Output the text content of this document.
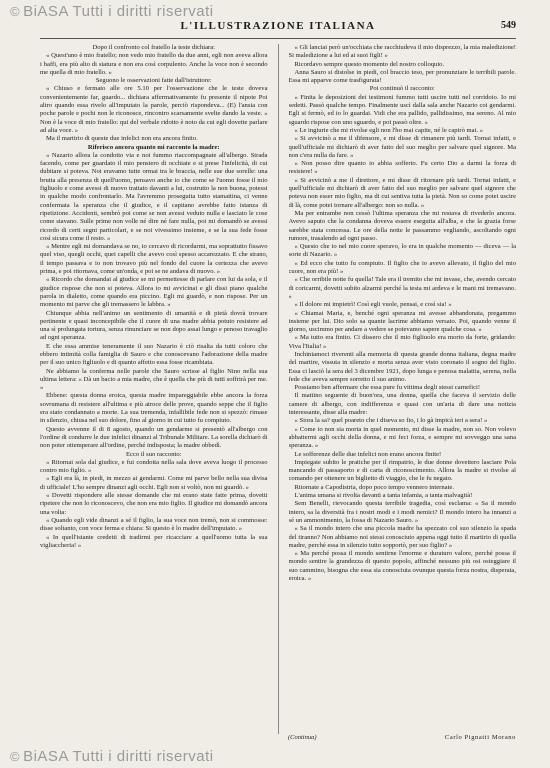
© BiASA Tutti i diritti riservati
L'ILLUSTRAZIONE ITALIANA	549

Dopo il confronto col fratello la teste dichiara:

« Quest'uno è mio fratello; non vedo mio fratello da due anni, egli non aveva allora i baffi, era più alto di statura e non era così corpulento. Anche la voce non è secondo me quella di mio fratello. »

Seguono le osservazioni fatte dall'istruttore:

« Chiuso e fermato alle ore 5.10 per l'osservazione che le teste doveva convenientemente far, guardo... dichiara affermativamente fu presente il nipote Poi altro quando essa rivelo all'imputato la parole, perciò rispondeva... (E) l'ansia con poche parole e pochi non le riconosce, rincontro scarsamente svelte dando la veste. » Non è la voce di mio fratello: qui del verbale ridotto è noto da cui egli dovette parlare ad alta voce. »

Ma il martirio di queste due infelici non era ancora finito.

Riferisco ancora quanto mi racconto la madre:

« Nazario allora la condotto via e noi fummo riaccompagnate all'albergo. Strada facendo, come per guardato il mio pensiero di occhiate e si prese l'infelicità, di cui dubitare si poteva. Noi eravamo tutte ormai tra le braccia, nelle sue due sorelle: una brutta alla presenza di quell'uomo, pensavo anche io che come se l'uomo fosse il mio figliuolo e come avessi di nuovo trattato davanti a lui, costrutto la non buona, potessi in qualche modo confrontarlo. Ma l'avremmo proseguita tutto stamattina, ci venne confermata la speranza che il giudice, e il capitano avrebbe fatto istanza di ripetizione. Accidenti, sembrò poi come se non avessi veduto nulla e lasciato le cose come stavano. Sulle prime non volle né dire né fare nulla, poi mi domandò se avessi ricordo di certi segni particolari, e se noi vivessimo insieme, e se la sua fede fosse così sicura come il resto. »

« Mentre egli mi domandava se no, io cercavo di ricordarmi, ma soprattutto fissavo quel viso, quegli occhi, quei capelli che avevo così spesso accarezzato. E che strano, il tempo passava e io non trovavo più nel fondo del cuore la certezza che avevo prima, e poi ritornava, come un'onda, e poi se ne andava di nuovo. »

« Ricordo che domandai al giudice se mi permettesse di parlare con lui da sola, e il giudice rispose che non si poteva. Allora io mi avvicinai e gli dissi piano qualche parola in dialetto, come quando era piccino. Egli mi guardò, e non rispose. Per un momento mi parve che gli tremassero le labbra. »

Chiunque abbia nell'animo un sentimento di umanità e di pietà dovrà trovare pertinente e quasi inconcepibile che il cuore di una madre abbia potuto resistere ad una sì prolungata tortura, senza rinunciare se non dopo assai lungo e penoso travaglio ad ogni speranza.

E che essa ammise teneramente il suo Nazario è ciò risalta da tutti coloro che ebbero intimità colla famiglia di Sauro e che conoscevano l'adorazione della madre per il suo unico figliuolo e di quanto affetto essa fosse ricambiata.

Ne abbiamo la conferma nelle parole che Sauro scrisse al figlio Nino nella sua ultima lettera: « Dà un bacio a mia madre, che è quella che più di tutti soffrirà per me. »

Ebbene: questa donna eroica, questa madre impareggiabile ebbe ancora la forza sovrumana di resistere all'ultima e più atroce delle prove, quando seppe che il figlio era stato condannato a morte. La sua tremenda, infallibile fede non si spezzò: rimase in silenzio, chiusa nel suo dolore, fino al giorno in cui tutto fu compiuto.

Questo avvenne il di 8 agosto, quando un gendarme si presentò all'albergo con l'ordine di condurre le due infelici dinanzi al Tribunale Militare. La sorella dichiarò di non poter ottemperare all'ordine, perché indisposta; la madre obbedì.

Ecco il suo racconto:

« Ritornai sola dal giudice, e fui condotta nella sala dove aveva luogo il processo contro mio figlio. »

« Egli era là, in piedi, in mezzo ai gendarmi. Come mi parve bello nella sua divisa di ufficiale! L'ho sempre dinanzi agli occhi. Egli non si voltò, non mi guardò. »

« Dovetti rispondere alle stesse domande che mi erano state fatte prima, dovetti ripetere che non lo riconoscevo, che non era mio figlio. Il giudice mi domandò ancora una volta:

« Quando egli vide dinanzi a sé il figlio, la sua voce non tremò, non si commosse: disse soltanto, con voce ferma e chiara: Si questo è lo madre dell'imputato. »

« In quell'istante credetti di tradirmi per ricacciare a quell'uomo tutta la sua vigliaccheria! »

« Gli lanciai però un'occhiata che racchiudeva il mio disprezzo, la mia maledizione! Si maledizione a lui ed ai suoi figli! »

Ricordavo sempre questo momento del nostro colloquio.

Anna Sauro si distolse in piedi, col braccio teso, per pronunziare le terribili parole. Essa mi apparve come trasfigurata!

Poi continuò il racconto:

« Finita le deposizioni dei testimoni fummo tutti uscire tutti nel corridoio. Io mi sedetti. Passò qualche tempo. Finalmente uscì dalla sala anche Nazario coi gendarmi. Egli si fermò, ed io lo guardai. Vidi che era pallido, pallidissimo, ma sereno. Al mio sguardo rispose con uno sguardo, e poi passò oltre. »

« Le ingiurie che mi rivolse egli non l'ho mai capite, né le capirò mai. »

« Si avvicinò a me il difensore, e mi disse di rimanere più tardi. Tornai infatti, e quell'ufficiale mi dichiarò di aver fatto del suo meglio per salvare quel signore. Ma non c'era nulla da fare. »

« Non posso dire quanto io abbia sofferto. Fu certo Dio a darmi la forza di resistere! »

« Si avvicinò a me il direttore, e mi disse di ritornare più tardi. Tornai infatti, e quell'ufficiale mi dichiarò di aver fatto del suo meglio per salvare quel signore che poteva non esser mio figlio, ma di cui sentiva tutta la pietà. Non so come potei uscire di là, come potei tornare all'albergo: non so nulla. »

Ma per entrambe non cessò l'ultima speranza che mi restava di rivederlo ancora. Avevo saputo che la condanna doveva essere eseguita all'alba, e che la grazia forse sarebbe stata concessa. Le ore della notte le passammo vegliando, ascoltando ogni rumore, trasalendo ad ogni passo.

« Questo che io nel mio cuore speravo, lo era in qualche momento — diceva — la sorte di Nazario. »

« Ed ecco che tutto fu compiuto. Il figlio che io avevo allevato, il figlio del mio cuore, non era più! »

« Che orribile notte fu quella! Tale era il tremito che mi invase, che, avendo cercato di coricarmi, dovetti subito alzarmi perché la testa mi ardeva e le mani mi tremavano. »

« Il dolore mi impietrì! Così egli vuole, pensai, e così sia! »

« Chiamai Maria, e, benché ogni speranza mi avesse abbandonata, pregammo insieme per lui. Dio solo sa quante lacrime abbiamo versato. Poi, quando venne il giorno, uscimmo per andare a vedere se potevamo sapere qualche cosa. »

« Ma tutto era finito. Ci dissero che il mio figliuolo era morto da forte, gridando: Viva l'Italia! »

Inchiniamoci riverenti alla memoria di questa grande donna italiana, degna madre del martire, vissuta in silenzio e morta senza aver visto coronato il sogno del figlio. Essa ci lasciò la sera del 3 dicembre 1921, dopo lunga e penosa malattia, serena, nella fede che aveva sempre sorretto il suo animo.

Possiamo ben affermare che essa pure fu vittima degli stessi carnefici!

Il mattino seguente di buon'ora, una donna, quella che faceva il servizio delle camere di albergo, con indifferenza e quasi con un'aria di dare una notizia interessante, disse alla madre:

« Siora la sa? quel poareto che i diseva so fio, i lo gà impicà ieri a sera! »

« Come io non sia morta in quel momento, mi disse la madre, non so. Non volevo abbattermi agli occhi della donna, e mi feci forza, e sempre mi sovveggo una sana speranza. »

Le sofferenze delle due infelici non erano ancora finite!

Impiegate subito le pratiche per il rimpatrio, le due donne dovettero lasciare Pola mancando di passaporto e di carta di riconoscimento. Allora la madre si rivolse al comando per ottenere un biglietto di viaggio, che le fu negato.

Ritornate a Capodistria, dopo poco tempo vennero internate.

L'anima umana si rivolta davanti a tanta infamia, a tanta malvagità!

Sem Benelli, rievocando questa terribile tragedia, così esclama: « Sa il mondo intero, sa la diversità fra i nostri modi e i modi nemici? Il mondo intero ha innanzi a sé un ammonimento, la fossa di Nazario Sauro. »

« Sa il mondo intero che una piccola madre ha spezzato col suo silenzio la spada del tiranno? Non abbiamo noi stessi conosciuto appena oggi tutto il martirio di quella madre, perché essa in silenzio tutto sopportò, per suo figlio? »

« Ma perché possa il mondo sentirne l'enorme e duraturo valore, perché possa il mondo sentire la grandezza di questo popolo, affinché nessuno più osi osteggiare il suo cammino, bisogna che essa sia conosciuta ovunque questa forza nostra, disperata, eroica. »

(Continua)	Carlo Pignatti Morano
© BiASA Tutti i diritti riservati
